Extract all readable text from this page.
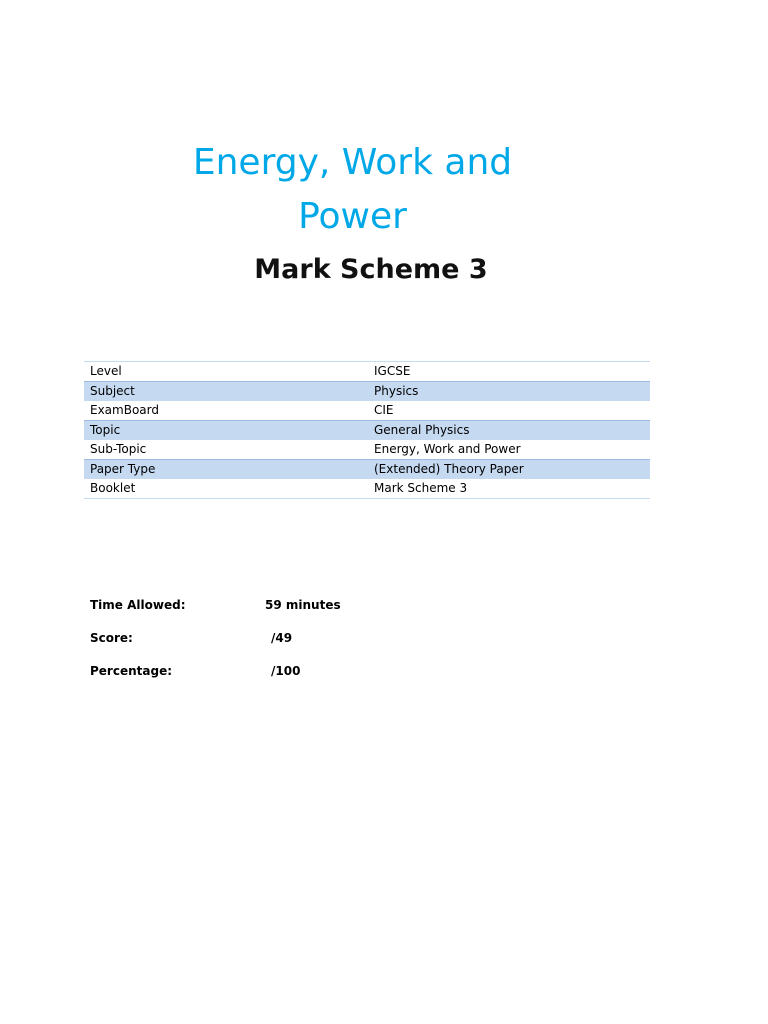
Energy, Work and Power
Mark Scheme 3
Level	IGCSE
Subject	Physics
ExamBoard	CIE
Topic	General Physics
Sub-Topic	Energy, Work and Power
Paper Type	(Extended) Theory Paper
Booklet	Mark Scheme 3
Time Allowed:	59 minutes
Score:	/49
Percentage:	/100
